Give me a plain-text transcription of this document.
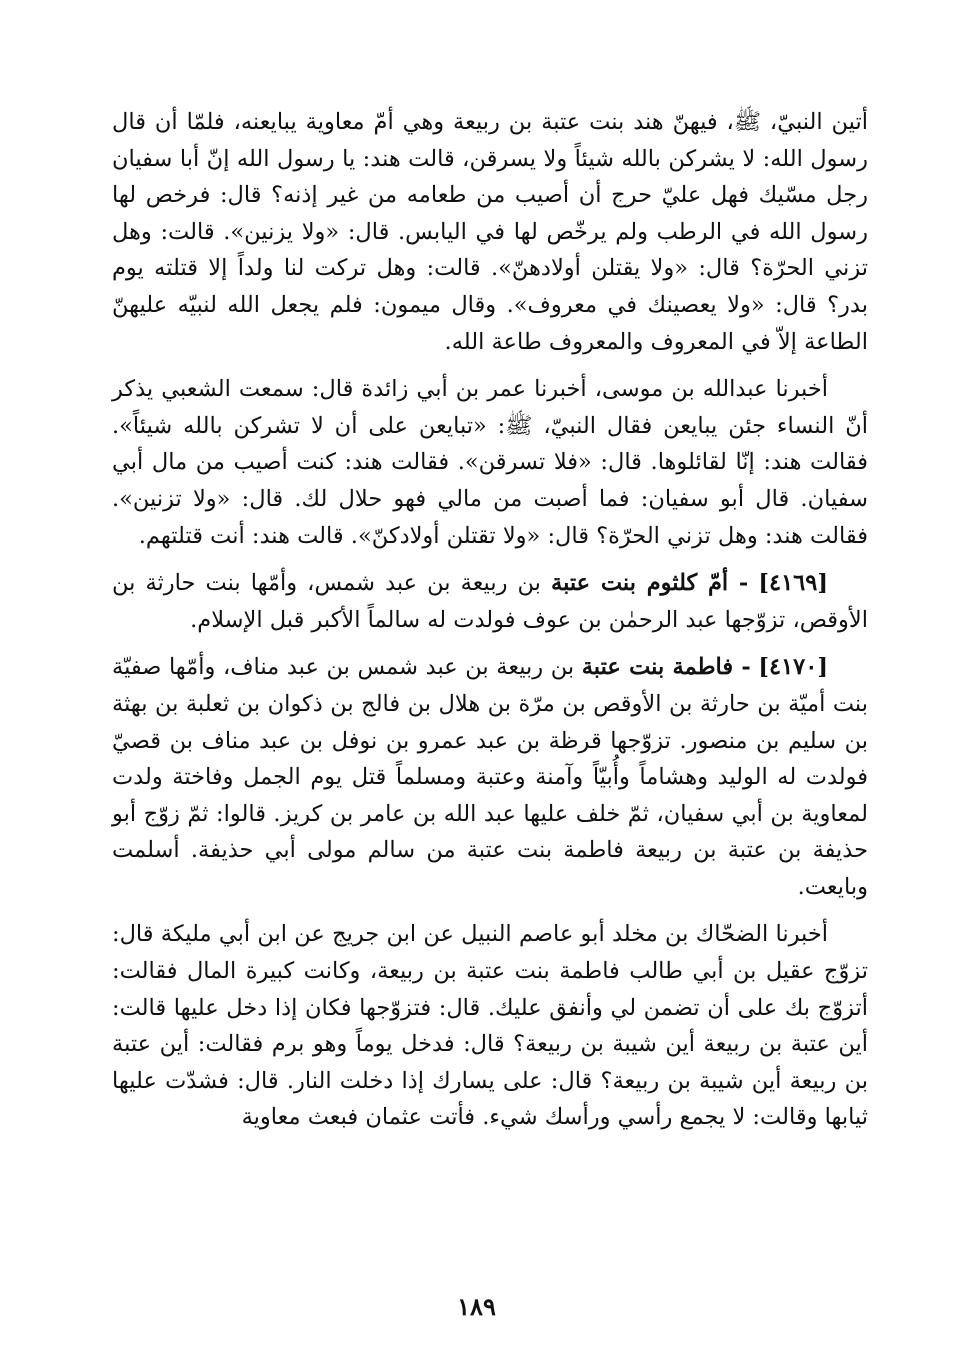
أتين النبيّ، ﷺ، فيهنّ هند بنت عتبة بن ربيعة وهي أمّ معاوية يبايعنه، فلمّا أن قال رسول الله: لا يشركن بالله شيئاً ولا يسرقن، قالت هند: يا رسول الله إنّ أبا سفيان رجل مسّيك فهل عليّ حرج أن أصيب من طعامه من غير إذنه؟ قال: فرخص لها رسول الله في الرطب ولم يرخّص لها في اليابس. قال: «ولا يزنين». قالت: وهل تزني الحرّة؟ قال: «ولا يقتلن أولادهنّ». قالت: وهل تركت لنا ولداً إلا قتلته يوم بدر؟ قال: «ولا يعصينك في معروف». وقال ميمون: فلم يجعل الله لنبيّه عليهنّ الطاعة إلاّ في المعروف والمعروف طاعة الله.

أخبرنا عبدالله بن موسى، أخبرنا عمر بن أبي زائدة قال: سمعت الشعبي يذكر أنّ النساء جئن يبايعن فقال النبيّ، ﷺ: «تبايعن على أن لا تشركن بالله شيئاً». فقالت هند: إنّا لقائلوها. قال: «فلا تسرقن». فقالت هند: كنت أصيب من مال أبي سفيان. قال أبو سفيان: فما أصبت من مالي فهو حلال لك. قال: «ولا تزنين». فقالت هند: وهل تزني الحرّة؟ قال: «ولا تقتلن أولادكنّ». قالت هند: أنت قتلتهم.

[٤١٦٩] - أمّ كلثوم بنت عتبة بن ربيعة بن عبد شمس، وأمّها بنت حارثة بن الأوقص، تزوّجها عبد الرحمٰن بن عوف فولدت له سالماً الأكبر قبل الإسلام.

[٤١٧٠] - فاطمة بنت عتبة بن ربيعة بن عبد شمس بن عبد مناف، وأمّها صفيّة بنت أميّة بن حارثة بن الأوقص بن مرّة بن هلال بن فالج بن ذكوان بن ثعلبة بن بهثة بن سليم بن منصور. تزوّجها قرظة بن عبد عمرو بن نوفل بن عبد مناف بن قصيّ فولدت له الوليد وهشاماً وأُبيّاً وآمنة وعتبة ومسلماً قتل يوم الجمل وفاختة ولدت لمعاوية بن أبي سفيان، ثمّ خلف عليها عبد الله بن عامر بن كريز. قالوا: ثمّ زوّج أبو حذيفة بن عتبة بن ربيعة فاطمة بنت عتبة من سالم مولى أبي حذيفة. أسلمت وبايعت.

أخبرنا الضحّاك بن مخلد أبو عاصم النبيل عن ابن جريج عن ابن أبي مليكة قال: تزوّج عقيل بن أبي طالب فاطمة بنت عتبة بن ربيعة، وكانت كبيرة المال فقالت: أتزوّج بك على أن تضمن لي وأنفق عليك. قال: فتزوّجها فكان إذا دخل عليها قالت: أين عتبة بن ربيعة أين شيبة بن ربيعة؟ قال: فدخل يوماً وهو برم فقالت: أين عتبة بن ربيعة أين شيبة بن ربيعة؟ قال: على يسارك إذا دخلت النار. قال: فشدّت عليها ثيابها وقالت: لا يجمع رأسي ورأسك شيء. فأتت عثمان فبعث معاوية

١٨٩
